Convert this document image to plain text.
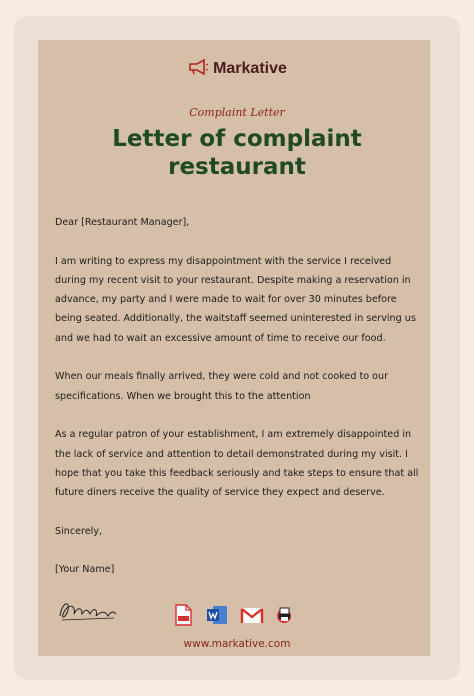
Markative
Complaint Letter
Letter of complaint restaurant

Dear [Restaurant Manager],

I am writing to express my disappointment with the service I received during my recent visit to your restaurant. Despite making a reservation in advance, my party and I were made to wait for over 30 minutes before being seated. Additionally, the waitstaff seemed uninterested in serving us and we had to wait an excessive amount of time to receive our food.

When our meals finally arrived, they were cold and not cooked to our specifications. When we brought this to the attention

As a regular patron of your establishment, I am extremely disappointed in the lack of service and attention to detail demonstrated during my visit. I hope that you take this feedback seriously and take steps to ensure that all future diners receive the quality of service they expect and deserve.

Sincerely,

[Your Name]

www.markative.com
